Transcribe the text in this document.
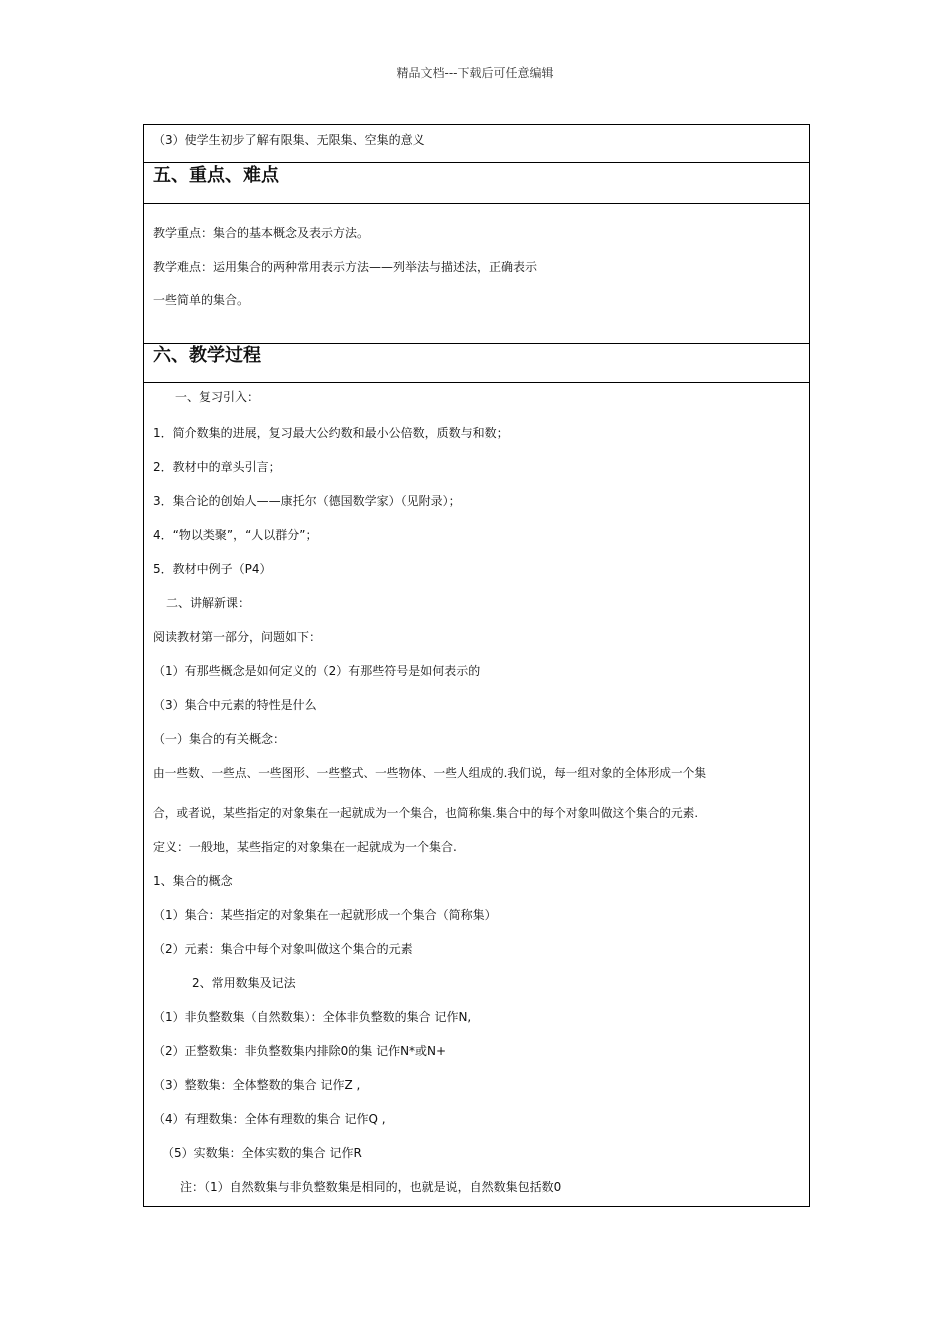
精品文档---下载后可任意编辑
（3）使学生初步了解有限集、无限集、空集的意义
五、重点、难点
教学重点：集合的基本概念及表示方法。
教学难点：运用集合的两种常用表示方法——列举法与描述法，正确表示
一些简单的集合。
六、教学过程
一、复习引入：
1．简介数集的进展，复习最大公约数和最小公倍数，质数与和数；
2．教材中的章头引言；
3．集合论的创始人——康托尔（德国数学家）（见附录）；
4．“物以类聚”，“人以群分”；
5．教材中例子（P4）
二、讲解新课：
阅读教材第一部分，问题如下：
（1）有那些概念是如何定义的（2）有那些符号是如何表示的
（3）集合中元素的特性是什么
（一）集合的有关概念：
由一些数、一些点、一些图形、一些整式、一些物体、一些人组成的.我们说，每一组对象的全体形成一个集
合，或者说，某些指定的对象集在一起就成为一个集合，也简称集.集合中的每个对象叫做这个集合的元素.
定义：一般地，某些指定的对象集在一起就成为一个集合.
1、集合的概念
（1）集合：某些指定的对象集在一起就形成一个集合（简称集）
（2）元素：集合中每个对象叫做这个集合的元素
2、常用数集及记法
（1）非负整数集（自然数集）：全体非负整数的集合 记作N,
（2）正整数集：非负整数集内排除0的集 记作N*或N+
（3）整数集：全体整数的集合 记作Z ,
（4）有理数集：全体有理数的集合 记作Q ,
（5）实数集：全体实数的集合 记作R
注：（1）自然数集与非负整数集是相同的，也就是说，自然数集包括数0
